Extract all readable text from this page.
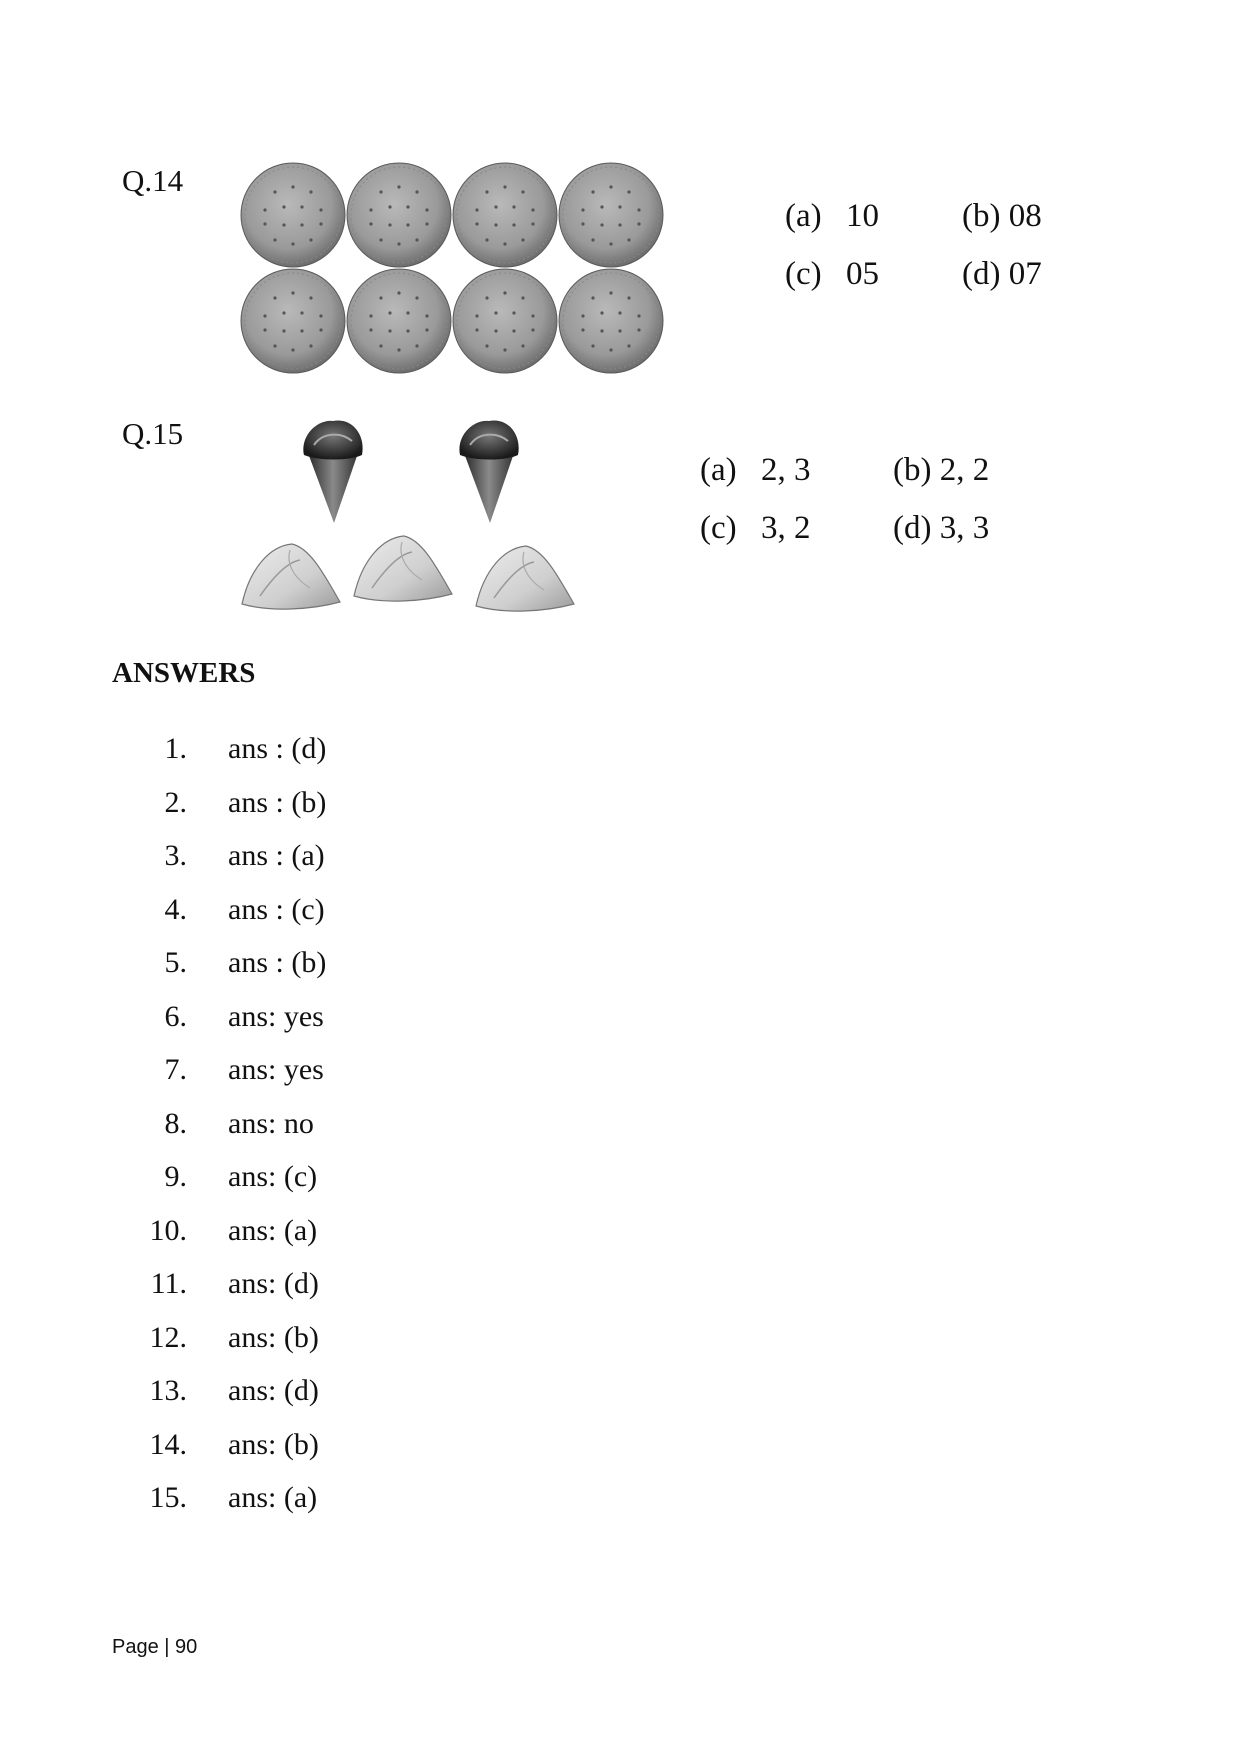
Q.14
(a) 10	(b) 08
(c) 05	(d) 07
Q.15
(a) 2, 3	(b) 2, 2
(c) 3, 2	(d) 3, 3
ANSWERS
1. ans : (d)
2. ans : (b)
3. ans : (a)
4. ans : (c)
5. ans : (b)
6. ans: yes
7. ans: yes
8. ans: no
9. ans: (c)
10. ans: (a)
11. ans: (d)
12. ans: (b)
13. ans: (d)
14. ans: (b)
15. ans: (a)
Page | 90
